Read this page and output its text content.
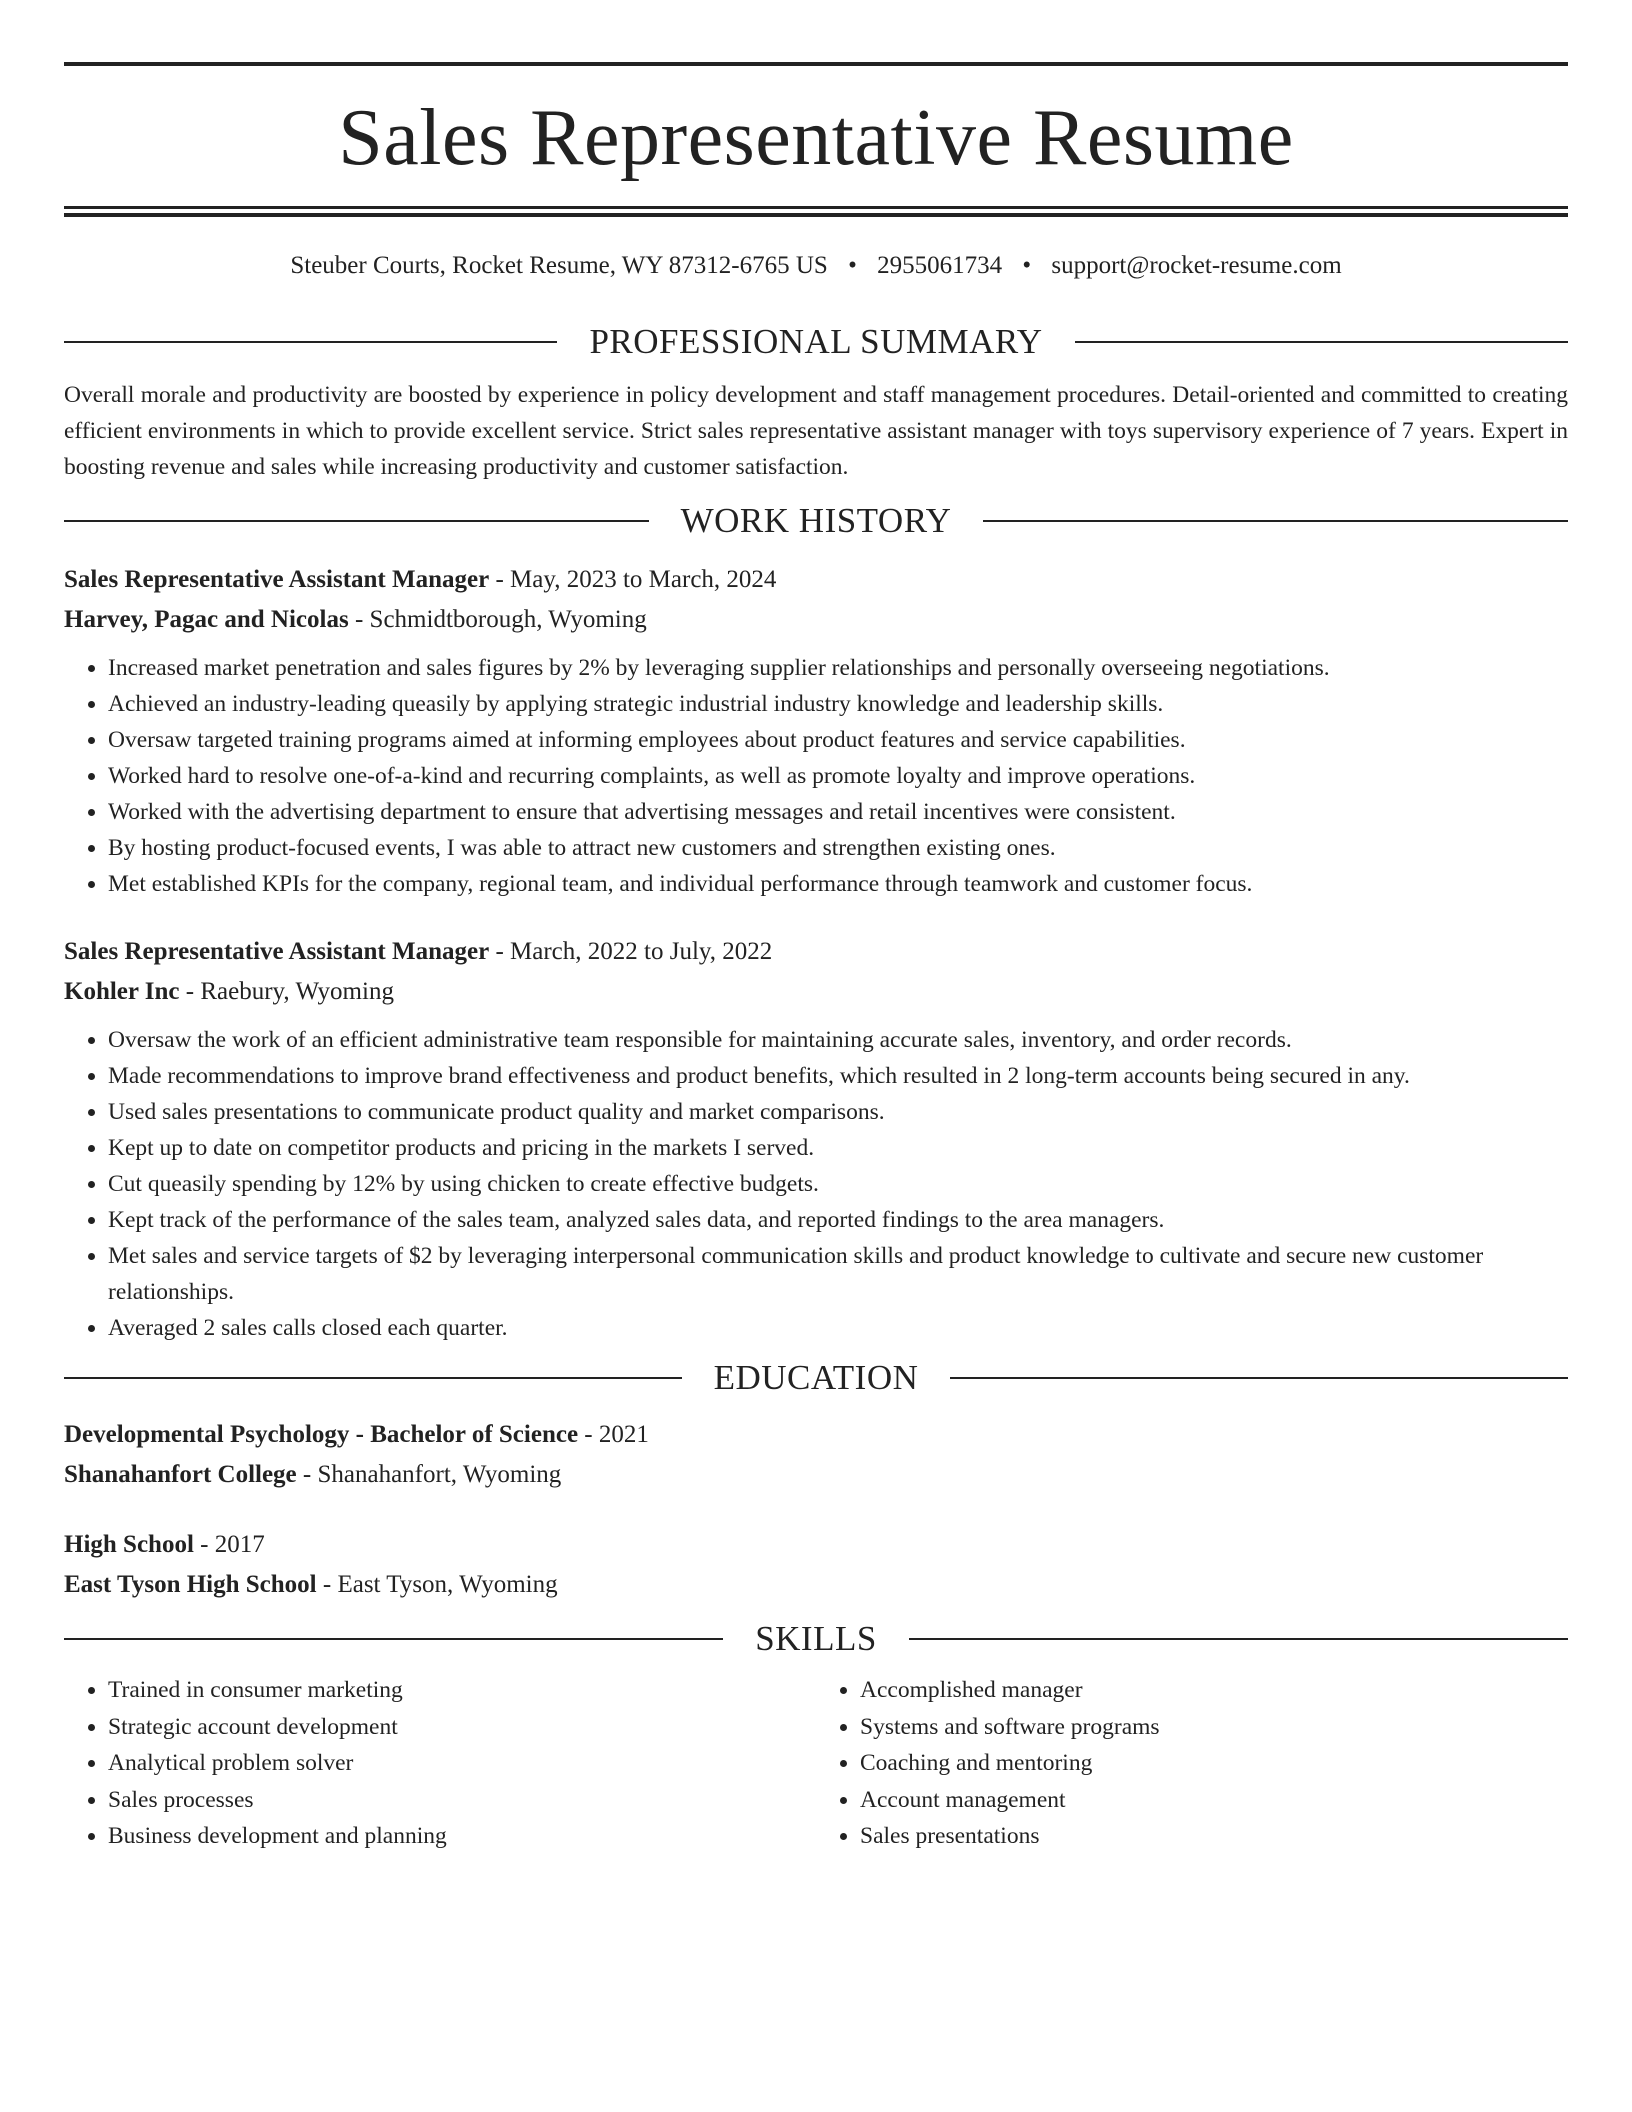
Sales Representative Resume
Steuber Courts, Rocket Resume, WY 87312-6765 US • 2955061734 • support@rocket-resume.com
PROFESSIONAL SUMMARY

Overall morale and productivity are boosted by experience in policy development and staff management procedures. Detail-oriented and committed to creating efficient environments in which to provide excellent service. Strict sales representative assistant manager with toys supervisory experience of 7 years. Expert in boosting revenue and sales while increasing productivity and customer satisfaction.

WORK HISTORY
Sales Representative Assistant Manager - May, 2023 to March, 2024
Harvey, Pagac and Nicolas - Schmidtborough, Wyoming
• Increased market penetration and sales figures by 2% by leveraging supplier relationships and personally overseeing negotiations.
• Achieved an industry-leading queasily by applying strategic industrial industry knowledge and leadership skills.
• Oversaw targeted training programs aimed at informing employees about product features and service capabilities.
• Worked hard to resolve one-of-a-kind and recurring complaints, as well as promote loyalty and improve operations.
• Worked with the advertising department to ensure that advertising messages and retail incentives were consistent.
• By hosting product-focused events, I was able to attract new customers and strengthen existing ones.
• Met established KPIs for the company, regional team, and individual performance through teamwork and customer focus.
Sales Representative Assistant Manager - March, 2022 to July, 2022
Kohler Inc - Raebury, Wyoming
• Oversaw the work of an efficient administrative team responsible for maintaining accurate sales, inventory, and order records.
• Made recommendations to improve brand effectiveness and product benefits, which resulted in 2 long-term accounts being secured in any.
• Used sales presentations to communicate product quality and market comparisons.
• Kept up to date on competitor products and pricing in the markets I served.
• Cut queasily spending by 12% by using chicken to create effective budgets.
• Kept track of the performance of the sales team, analyzed sales data, and reported findings to the area managers.
• Met sales and service targets of $2 by leveraging interpersonal communication skills and product knowledge to cultivate and secure new customer relationships.
• Averaged 2 sales calls closed each quarter.
EDUCATION
Developmental Psychology - Bachelor of Science - 2021
Shanahanfort College - Shanahanfort, Wyoming
High School - 2017
East Tyson High School - East Tyson, Wyoming
SKILLS
• Trained in consumer marketing
• Strategic account development
• Analytical problem solver
• Sales processes
• Business development and planning
• Accomplished manager
• Systems and software programs
• Coaching and mentoring
• Account management
• Sales presentations
